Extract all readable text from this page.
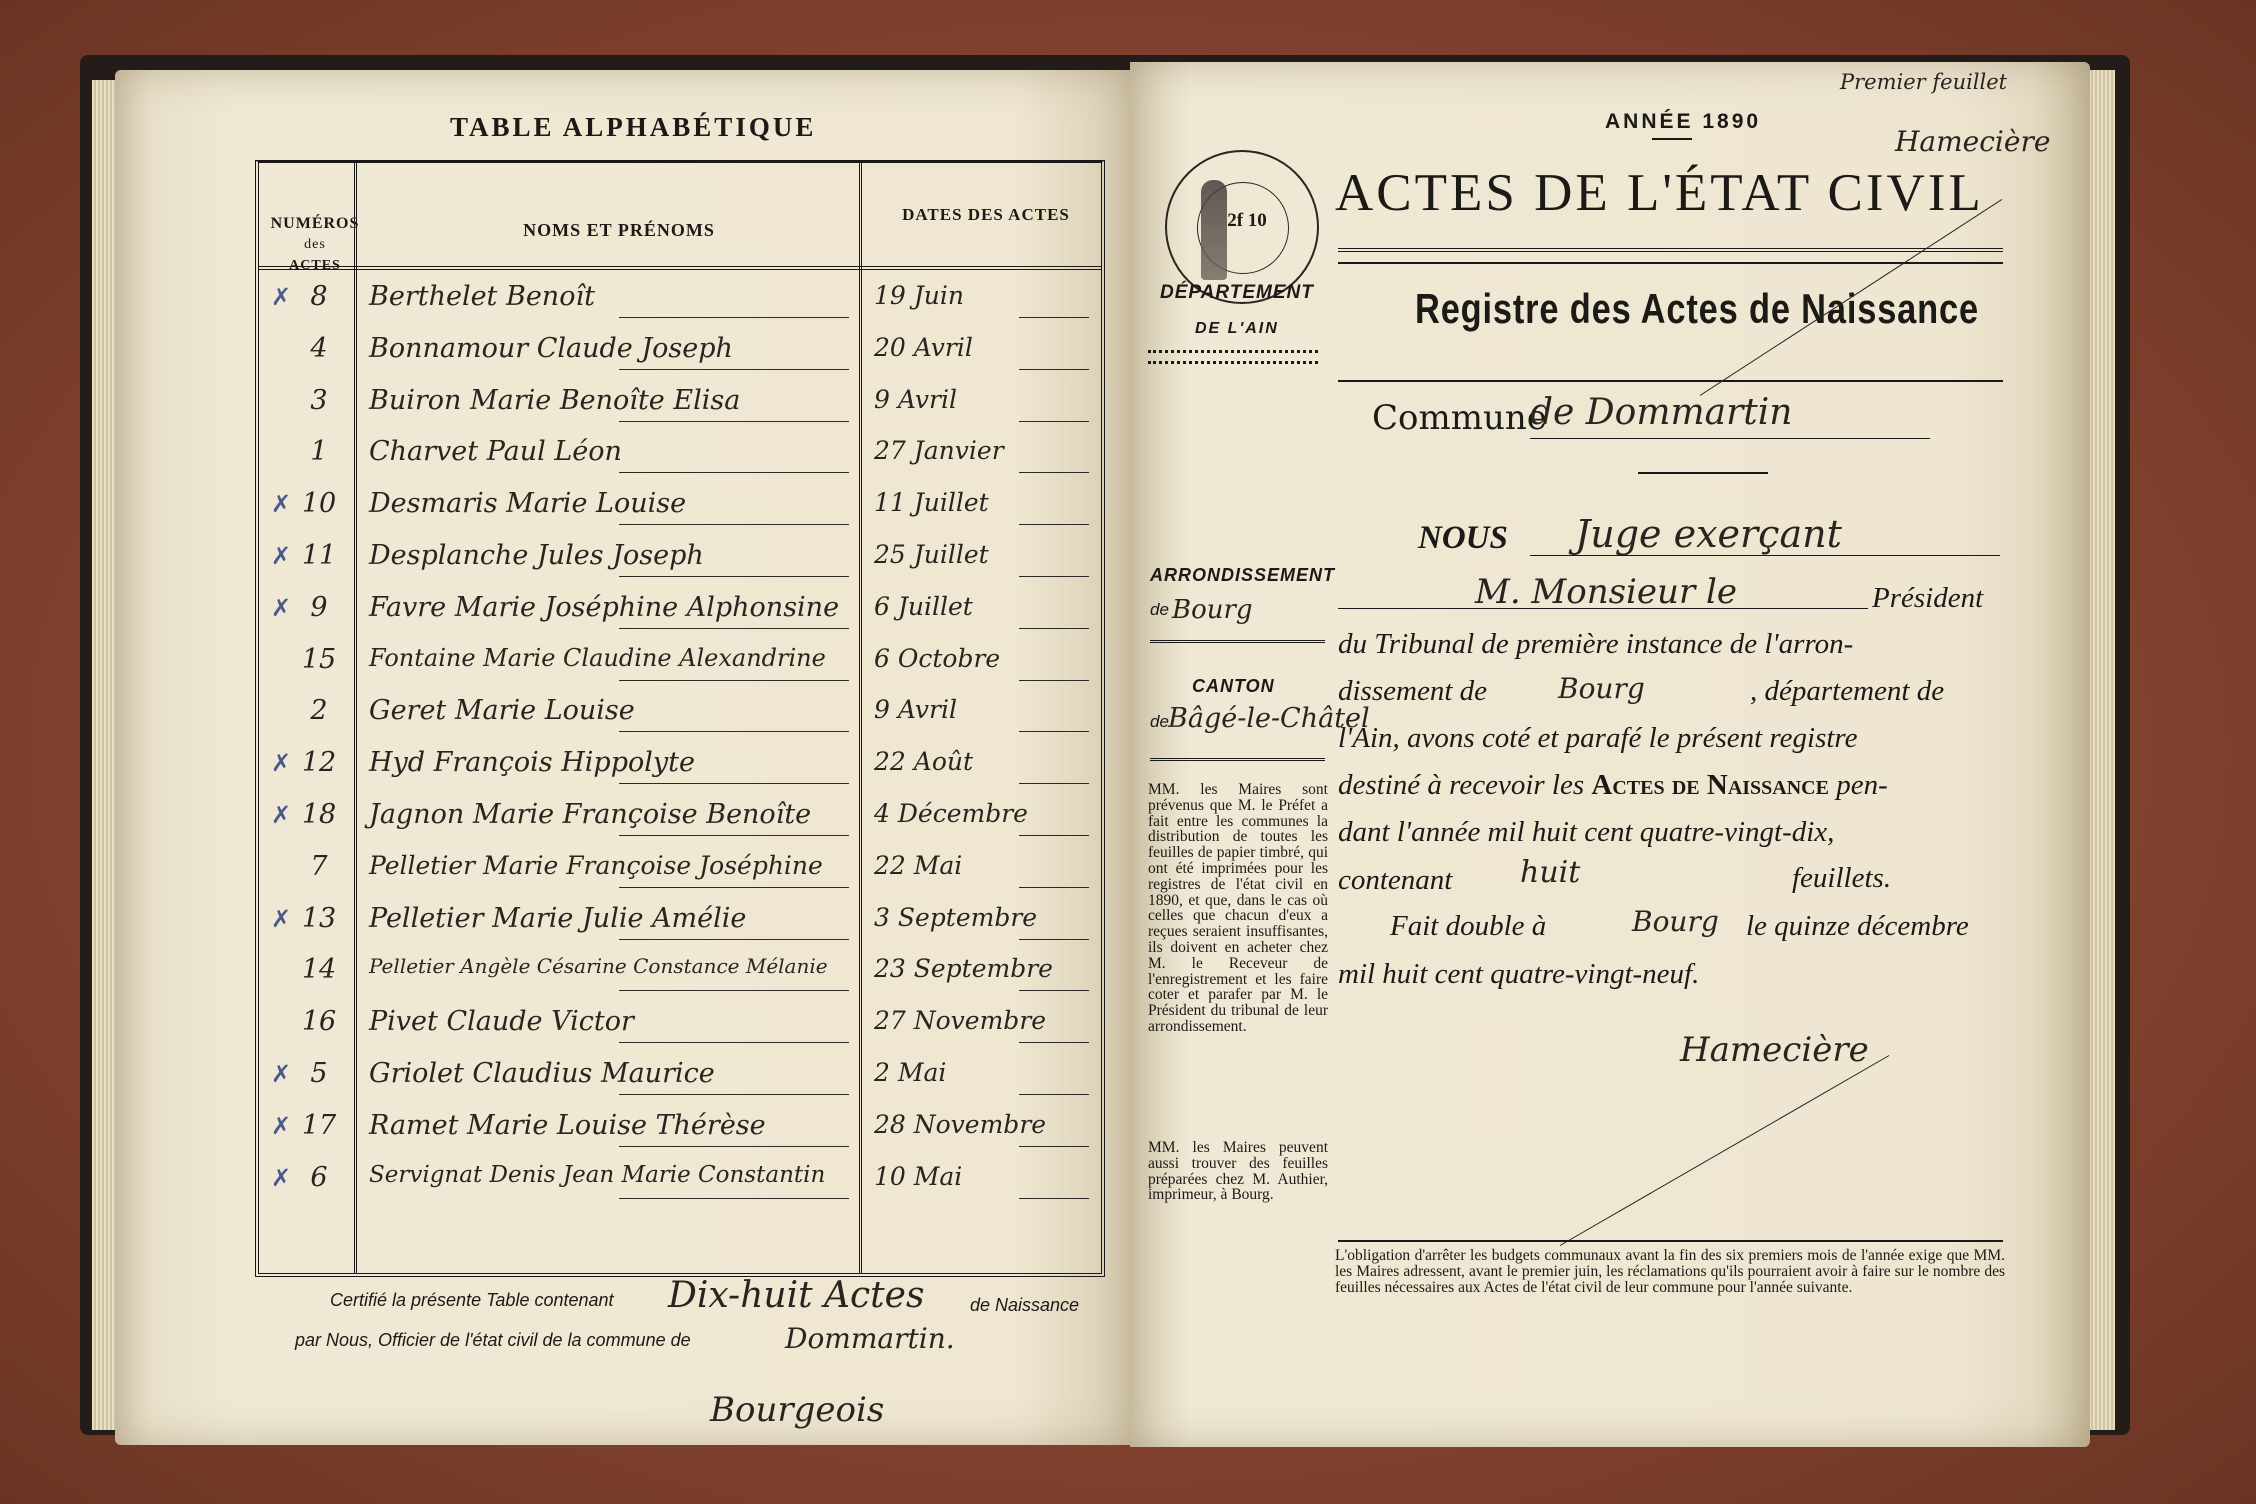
TABLE ALPHABÉTIQUE
NUMÉROS
des
ACTES
NOMS ET PRÉNOMS
DATES DES ACTES
✗ 8	Berthelet Benoît	19 Juin
4	Bonnamour Claude Joseph	20 Avril
3	Buiron Marie Benoîte Elisa	9 Avril
1	Charvet Paul Léon	27 Janvier
✗ 10	Desmaris Marie Louise	11 Juillet
✗ 11	Desplanche Jules Joseph	25 Juillet
✗ 9	Favre Marie Joséphine Alphonsine 6 Juillet
15	Fontaine Marie Claudine Alexandrine 6 Octobre
2	Geret Marie Louise	9 Avril
✗ 12	Hyd François Hippolyte	22 Août
✗ 18	Jagnon Marie Françoise Benoîte	4 Décembre
7	Pelletier Marie Françoise Joséphine 22 Mai
✗ 13	Pelletier Marie Julie Amélie	3 Septembre
14	Pelletier Angèle Césarine Constance Mélanie 23 Septembre
16	Pivet Claude Victor	27 Novembre
✗ 5	Griolet Claudius Maurice	2 Mai
✗ 17	Ramet Marie Louise Thérèse	28 Novembre
✗ 6	Servignat Denis Jean Marie Constantin 10 Mai
Certifié la présente Table contenant Dix-huit Actes	de Naissance
par Nous, Officier de l'état civil de la commune de	Dommartin.
Bourgeois
Premier feuillet
Hamecière
ANNÉE 1890
ACTES DE L'ÉTAT CIVIL
2f 10
DÉPARTEMENT
DE L'AIN	Registre des Actes de Naissance
Commune
de Dommartin
NOUS Juge exerçant
M. Monsieur le	Président
du Tribunal de première instance de l'arron-
dissement de	Bourg	, département de
l'Ain, avons coté et parafé le présent registre
destiné à recevoir les Actes de Naissance pen-
dant l'année mil huit cent quatre-vingt-dix,
contenant huit	feuillets.
Fait double à	Bourg le quinze décembre
mil huit cent quatre-vingt-neuf.
Hamecière
ARRONDISSEMENT
de Bourg
CANTON
de Bâgé-le-Châtel
MM. les Maires sont prévenus que M. le Préfet a fait entre les communes la distribution de toutes les feuilles de papier timbré, qui ont été imprimées pour les registres de l'état civil en 1890, et que, dans le cas où celles que chacun d'eux a reçues seraient insuffisantes, ils doivent en acheter chez M. le Receveur de l'enregistrement et les faire coter et parafer par M. le Président du tribunal de leur arrondissement.
MM. les Maires peuvent aussi trouver des feuilles préparées chez M. Authier, imprimeur, à Bourg.
L'obligation d'arrêter les budgets communaux avant la fin des six premiers mois de l'année exige que MM. les Maires adressent, avant le premier juin, les réclamations qu'ils pourraient avoir à faire sur le nombre des feuilles nécessaires aux Actes de l'état civil de leur commune pour l'année suivante.
